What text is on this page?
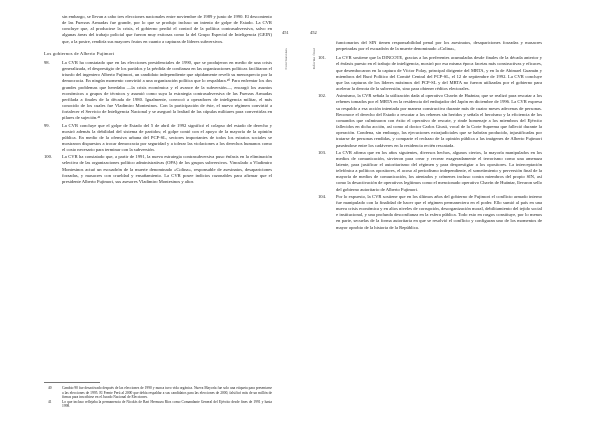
451
Conclusiones

sin embargo, se llevan a cabo tres elecciones nacionales entre noviembre de 1989 y junio de 1990. El descontento de las Fuerzas Armadas fue grande, por lo que se produjo incluso un intento de golpe de Estado. La CVR concluye que, al producirse la crisis, el gobierno perdió el control de la política contrasubversiva, salvo en algunas áreas del trabajo policial que fueron muy exitosas como la del Grupo Especial de Inteligencia (GEIN) que, a la postre, rendiría sus mayores frutos en cuanto a capturas de líderes subversivos.

Los gobiernos de Alberto Fujimori
98.	La CVR ha constatado que en las elecciones presidenciales de 1990, que se produjeron en medio de una crisis generalizada, el desprestigio de los partidos y la pérdida de confianza en las organizaciones políticas facilitaron el triunfo del ingeniero Alberto Fujimori, un candidato independiente que rápidamente revelò su menosprecio por la democracia. En ningún momento convirtió a una organización política que lo respaldara.⁴⁰ Para enfrentar los dos grandes problemas que heredaba —la crisis económica y el avance de la subversión—, encargó los asuntos económicos a grupos de técnicos y asumió como suya la estrategia contrasubversiva de las Fuerzas Armadas perfilada a finales de la década de 1980. Igualmente, convocó a operadores de inteligencia militar, el más conocido de los cuales fue Vladimiro Montesinos. Con la participación de éste, el nuevo régimen convirtió a fortalecer el Servicio de Inteligencia Nacional y se aseguró la lealtad de las cúpulas militares para convertirlas en pilares de sujeción.⁴¹

99.	La CVR concluye que el golpe de Estado del 5 de abril de 1992 significó el colapso del estado de derecho y mostró además la debilidad del sistema de partidos; el golpe contó con el apoyo de la mayoría de la opinión pública. En medio de la ofensiva urbana del PCP-SL, sectores importantes de todos los estratos sociales se mostraron dispuestos a trocar democracia por seguridad y a tolerar las violaciones a los derechos humanos como el costo necesario para terminar con la subversión.

100.	La CVR ha constatado que, a partir de 1991, la nueva estrategia contrasubversiva puso énfasis en la eliminación selectiva de las organizaciones político administrativas (OPA) de los grupos subversivos. Vinculado a Vladimiro Montesinos actuó un escuadrón de la muerte denominado «Colina», responsable de asesinatos, desapariciones forzadas, y masacres con crueldad y ensañamiento. La CVR posee indicios razonables para afirmar que el presidente Alberto Fujimori, sus asesores Vladimiro Montesinos y altos

40	Cambio 90 fue desactivado después de las elecciones de 1990 y nunca tuvo vida orgánica. Nueva Mayoría fue solo una etiqueta para presentarse a las elecciones de 1995. El Frente Perú al 2000 que debía respaldar a sus candidatos para las elecciones de 2000, falsificó más de un millón de firmas para inscribirse en el Jurado Nacional de Elecciones.
41	Lo que incluso reflejaba la permanencia de Nicolás de Bari Hermoza Ríos como Comandante General del Ejército desde fines de 1991 y hasta 1998.
452
Informe final

funcionarios del SIN tienen responsabilidad penal por los asesinatos, desapariciones forzadas y masacres perpetradas por el escuadrón de la muerte denominado «Colina»,

101.	La CVR sostiene que la DINCOTE, gracias a las preferentes acumuladas desde finales de la década anterior y el énfasis puesto en el trabajo de inteligencia, mostró por esa misma época facetas más constructivas y eficaces, que desembocaron en la captura de Víctor Polay, principal dirigente del MRTA, y en la de Abimael Guzmán y miembros del Buró Político del Comité Central del PCP-SL, el 12 de septiembre de 1992. La CVR concluye que las capturas de los líderes máximos del PCP-SL y del MRTA no fueron utilizadas por el gobierno para acelerar la derrota de la subversión, sino para obtener réditos electorales.

102.	Asimismo, la CVR señala la utilización dada al operativo Chavín de Huántar, que se realizó para rescatar a los rehenes tomados por el MRTA en la residencia del embajador del Japón en diciembre de 1996. La CVR expresa su respaldo a esa acción intentada por manera constructiva durante más de cuatro meses adecenas de personas. Reconoce el derecho del Estado a rescatar a los rehenes sin heridos y señala el heroísmo y la eficiencia de los comandos que culminaron con éxito el operativo de rescate, y rinde homenaje a los miembros del Ejército fallecidos en dicha acción, así como al doctor Carlos Giusti, vocal de la Corte Suprema que falleció durante la operación. Condena, sin embargo, las ejecuciones extrajudiciales que se habrían producido, injustificadas por tratarse de personas rendidas, y comparte el rechazo de la opinión pública a las imágenes de Alberto Fujimori paseándose entre los cadáveres en la residencia recién rescatada.

103.	La CVR afirma que en los años siguientes, diversos hechos, algunos ciertos, la mayoría manipulados en los medios de comunicación, sirvieron para crear y recrear exageradamente el terrorismo como una amenaza latente, para justificar el autoritarismo del régimen y para desprestigiar a los opositores. La interceptación telefónica a políticos opositores, el acoso al periodismo independiente, el sometimiento y perversión final de la mayoría de medios de comunicación, los atentados y crímenes incluso contra miembros del propio SIN, así como la desactivación de operativos legítimos como el mencionado operativo Chavín de Huántar, llevaron sello del gobierno autoritario de Alberto Fujimori.

104.	Por lo expuesto, la CVR sostiene que en los últimos años del gobierno de Fujimori el conflicto armado interno fue manipulado con la finalidad de hacer que el régimen permaneciera en el poder. Ello sumió al país en una nueva crisis económica y en altos niveles de corrupción, desorganización moral, debilitamiento del tejido social e institucional, y una profunda desconfianza en la esfera pública. Todo esto en rasgos constituye, por lo menos en parte, secuelas de la forma autoritaria en que se resolvió el conflicto y configuran uno de los momentos de mayor oprobio de la historia de la República.
